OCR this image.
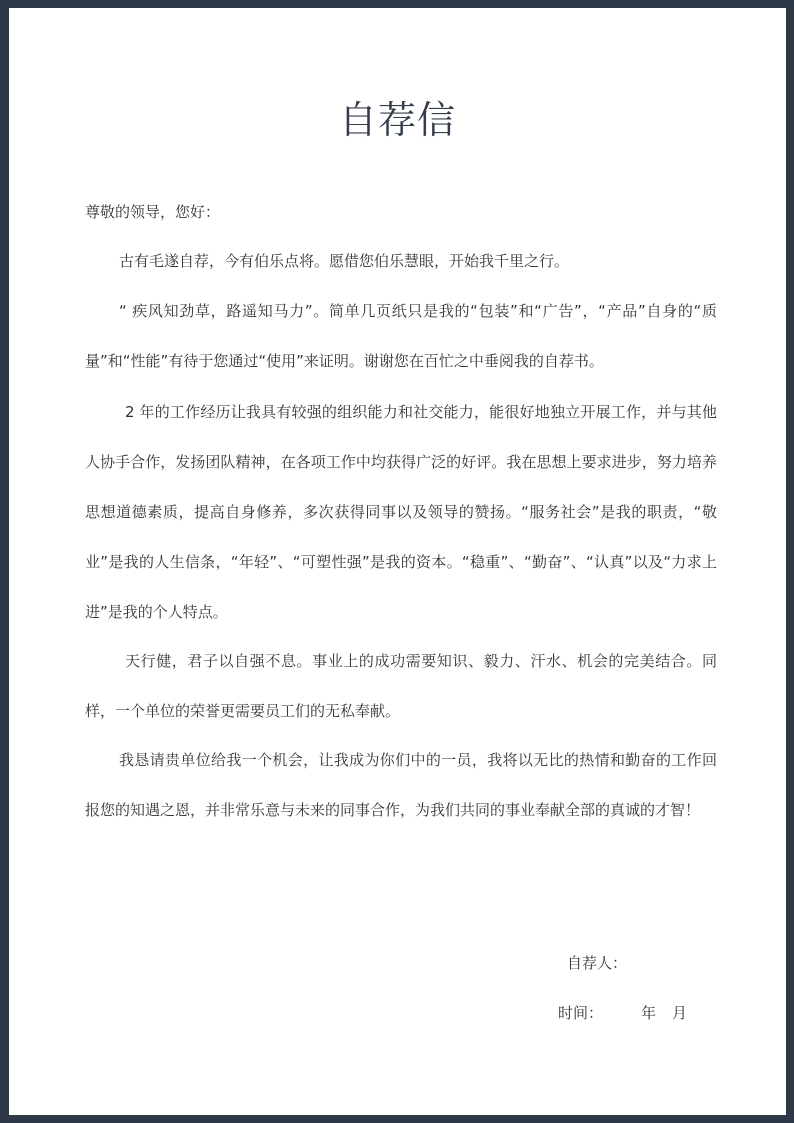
自荐信

尊敬的领导，您好：

古有毛遂自荐，今有伯乐点将。愿借您伯乐慧眼，开始我千里之行。

“ 疾风知劲草，路遥知马力”。简单几页纸只是我的“包装”和“广告”，“产品”自身的“质量”和“性能”有待于您通过“使用”来证明。谢谢您在百忙之中垂阅我的自荐书。

2 年的工作经历让我具有较强的组织能力和社交能力，能很好地独立开展工作，并与其他人协手合作，发扬团队精神，在各项工作中均获得广泛的好评。我在思想上要求进步，努力培养思想道德素质，提高自身修养，多次获得同事以及领导的赞扬。“服务社会”是我的职责，“敬业”是我的人生信条，“年轻”、“可塑性强”是我的资本。“稳重”、“勤奋”、“认真”以及“力求上进”是我的个人特点。

天行健，君子以自强不息。事业上的成功需要知识、毅力、汗水、机会的完美结合。同样，一个单位的荣誉更需要员工们的无私奉献。

我恳请贵单位给我一个机会，让我成为你们中的一员，我将以无比的热情和勤奋的工作回报您的知遇之恩，并非常乐意与未来的同事合作，为我们共同的事业奉献全部的真诚的才智！

自荐人：
时间：	年 月
